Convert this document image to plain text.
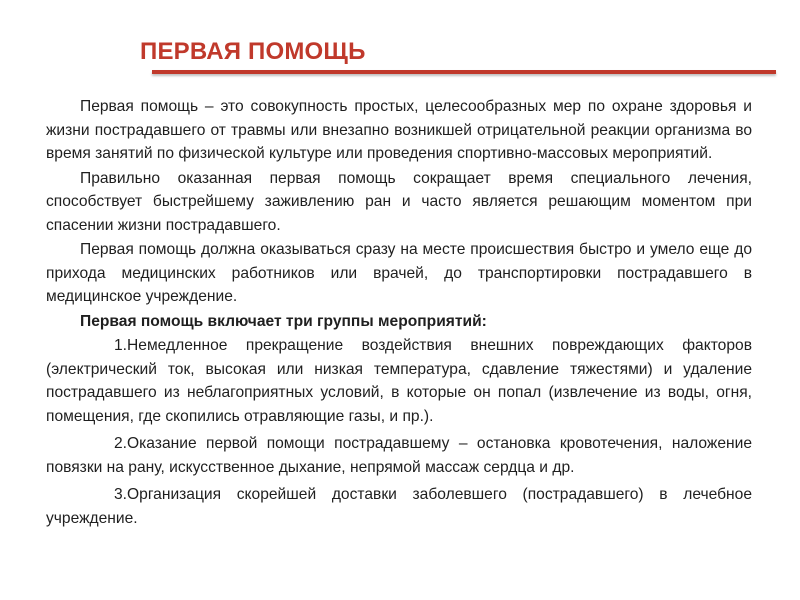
ПЕРВАЯ ПОМОЩЬ

Первая помощь – это совокупность простых, целесообразных мер по охране здоровья и жизни пострадавшего от травмы или внезапно возникшей отрицательной реакции организма во время занятий по физической культуре или проведения спортивно-массовых мероприятий.

Правильно оказанная первая помощь сокращает время специального лечения, способствует быстрейшему заживлению ран и часто является решающим моментом при спасении жизни пострадавшего.

Первая помощь должна оказываться сразу на месте происшествия быстро и умело еще до прихода медицинских работников или врачей, до транспортировки пострадавшего в медицинское учреждение.

Первая помощь включает три группы мероприятий:

1.Немедленное прекращение воздействия внешних повреждающих факторов (электрический ток, высокая или низкая температура, сдавление тяжестями) и удаление пострадавшего из неблагоприятных условий, в которые он попал (извлечение из воды, огня, помещения, где скопились отравляющие газы, и пр.).

2.Оказание первой помощи пострадавшему – остановка кровотечения, наложение повязки на рану, искусственное дыхание, непрямой массаж сердца и др.

3.Организация скорейшей доставки заболевшего (пострадавшего) в лечебное учреждение.
